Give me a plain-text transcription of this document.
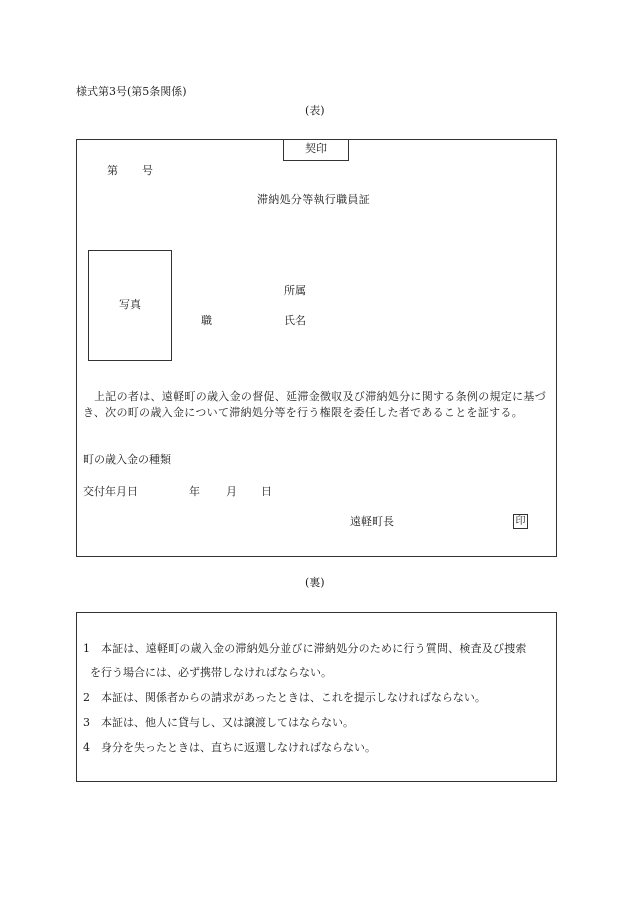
様式第3号(第5条関係)
(表)
契印
第 号
滞納処分等執行職員証
写真
所属
職	氏名
上記の者は、遠軽町の歳入金の督促、延滞金徴収及び滞納処分に関する条例の規定に基づき、次の町の歳入金について滞納処分等を行う権限を委任した者であることを証する。
町の歳入金の種類
交付年月日	年 月 日
遠軽町長	印
(裏)
1 本証は、遠軽町の歳入金の滞納処分並びに滞納処分のために行う質問、検査及び捜索
を行う場合には、必ず携帯しなければならない。
2 本証は、関係者からの請求があったときは、これを提示しなければならない。
3 本証は、他人に貸与し、又は譲渡してはならない。
4 身分を失ったときは、直ちに返還しなければならない。
